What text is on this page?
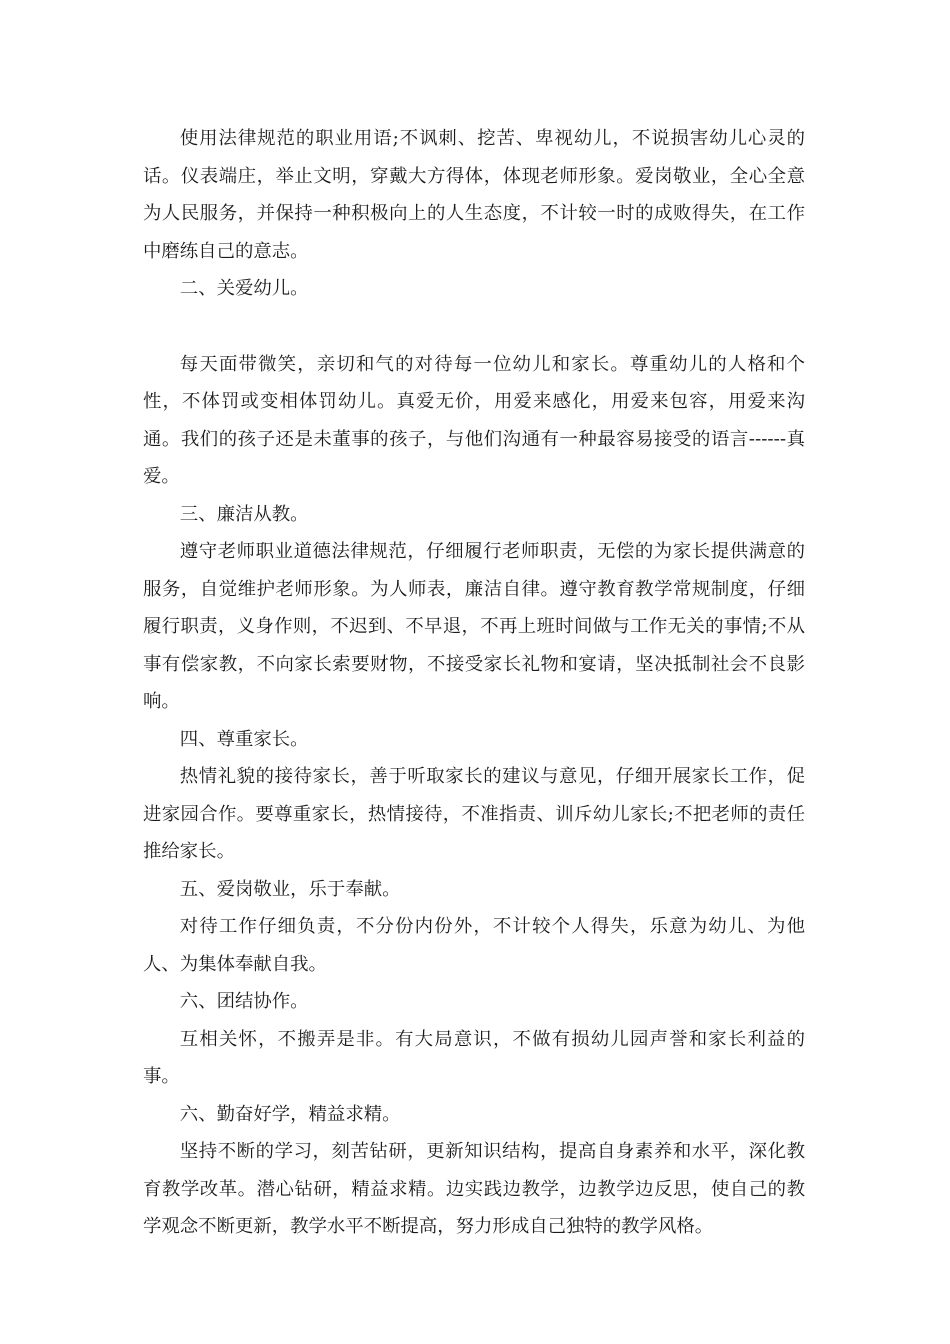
使用法律规范的职业用语;不讽刺、挖苦、卑视幼儿，不说损害幼儿心灵的话。仪表端庄，举止文明，穿戴大方得体，体现老师形象。爱岗敬业，全心全意为人民服务，并保持一种积极向上的人生态度，不计较一时的成败得失，在工作中磨练自己的意志。

二、关爱幼儿。

每天面带微笑，亲切和气的对待每一位幼儿和家长。尊重幼儿的人格和个性，不体罚或变相体罚幼儿。真爱无价，用爱来感化，用爱来包容，用爱来沟通。我们的孩子还是未董事的孩子，与他们沟通有一种最容易接受的语言------真爱。

三、廉洁从教。

遵守老师职业道德法律规范，仔细履行老师职责，无偿的为家长提供满意的服务，自觉维护老师形象。为人师表，廉洁自律。遵守教育教学常规制度，仔细履行职责，义身作则，不迟到、不早退，不再上班时间做与工作无关的事情;不从事有偿家教，不向家长索要财物，不接受家长礼物和宴请，坚决抵制社会不良影响。

四、尊重家长。

热情礼貌的接待家长，善于听取家长的建议与意见，仔细开展家长工作，促进家园合作。要尊重家长，热情接待，不准指责、训斥幼儿家长;不把老师的责任推给家长。

五、爱岗敬业，乐于奉献。

对待工作仔细负责，不分份内份外，不计较个人得失，乐意为幼儿、为他人、为集体奉献自我。

六、团结协作。

互相关怀，不搬弄是非。有大局意识，不做有损幼儿园声誉和家长利益的事。

六、勤奋好学，精益求精。

坚持不断的学习，刻苦钻研，更新知识结构，提高自身素养和水平，深化教育教学改革。潜心钻研，精益求精。边实践边教学，边教学边反思，使自己的教学观念不断更新，教学水平不断提高，努力形成自己独特的教学风格。
